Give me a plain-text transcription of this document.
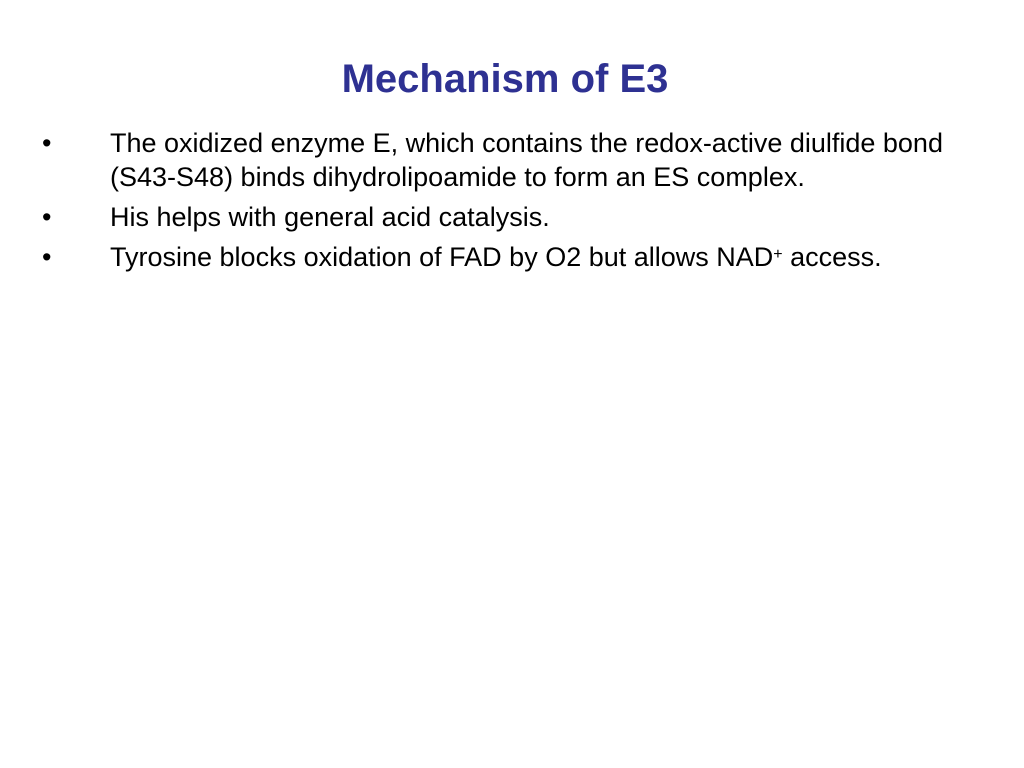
Mechanism of E3
• The oxidized enzyme E, which contains the redox-active diulfide bond (S43-S48) binds dihydrolipoamide to form an ES complex.
• His helps with general acid catalysis.
• Tyrosine blocks oxidation of FAD by O2 but allows NAD+ access.
